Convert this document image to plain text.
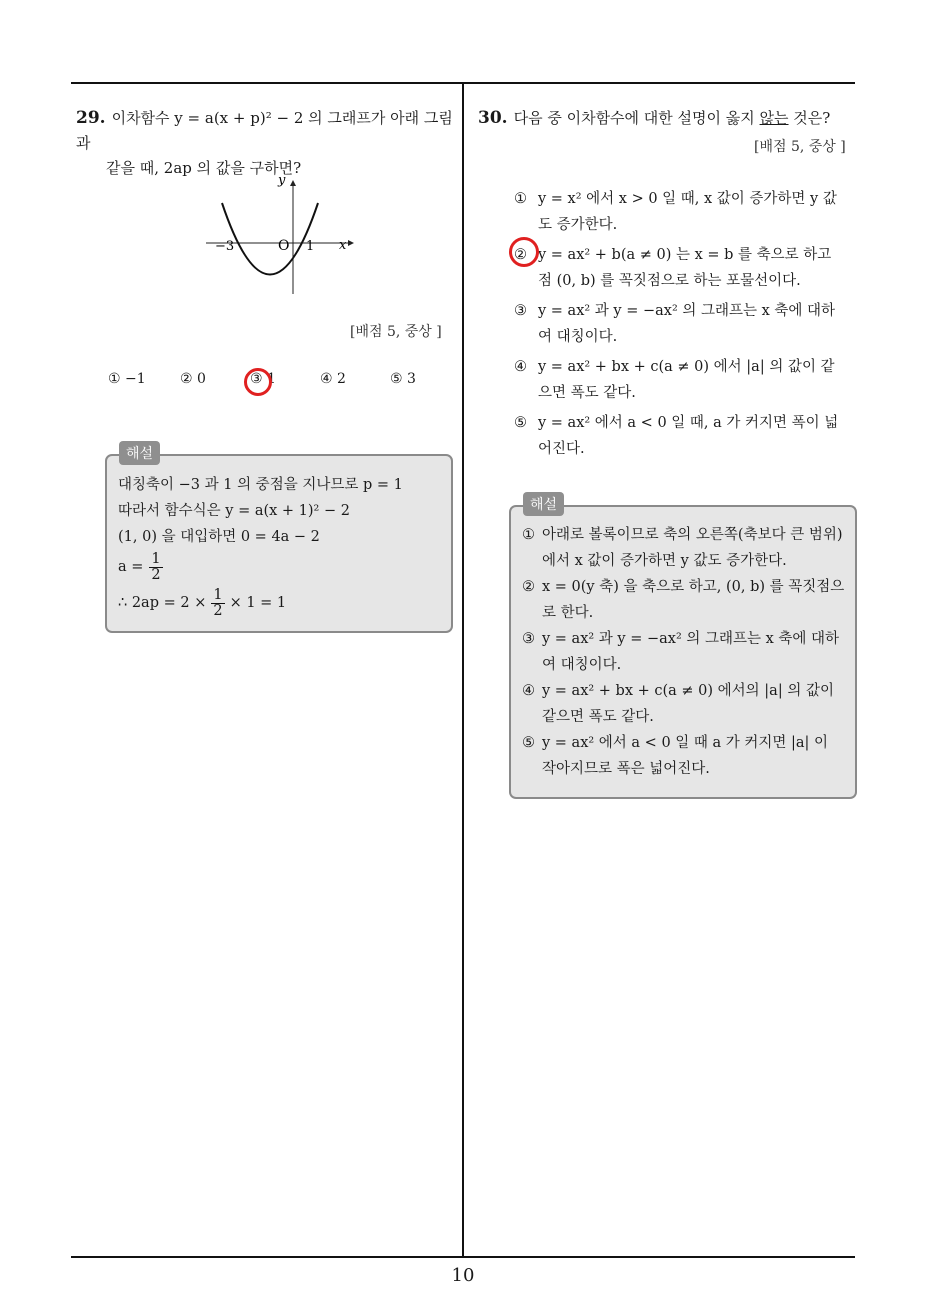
29. 이차함수 y = a(x + p)² − 2 의 그래프가 아래 그림과
같을 때, 2ap 의 값을 구하면?
x
y
O
−3	1
[배점 5, 중상 ]
① −1 ② 0	③ 1	④ 2	⑤ 3
해설
대칭축이 −3 과 1 의 중점을 지나므로 p = 1
따라서 함수식은 y = a(x + 1)² − 2
(1, 0) 을 대입하면 0 = 4a − 2
$a = \frac{1}{2}$
∴ $2ap = 2 \times \frac{1}{2} \times 1 = 1$
30. 다음 중 이차함수에 대한 설명이 옳지 않는 것은?
[배점 5, 중상 ]
① y = x² 에서 x > 0 일 때, x 값이 증가하면 y 값도 증가한다.
② y = ax² + b(a ≠ 0) 는 x = b 를 축으로 하고 점 (0, b) 를 꼭짓점으로 하는 포물선이다.
③ y = ax² 과 y = −ax² 의 그래프는 x 축에 대하여 대칭이다.
④ y = ax² + bx + c(a ≠ 0) 에서 |a| 의 값이 같으면 폭도 같다.
⑤ y = ax² 에서 a < 0 일 때, a 가 커지면 폭이 넓어진다.
해설
① 아래로 볼록이므로 축의 오른쪽(축보다 큰 범위)에서 x 값이 증가하면 y 값도 증가한다.
② x = 0(y 축) 을 축으로 하고, (0, b) 를 꼭짓점으로 한다.
③ y = ax² 과 y = −ax² 의 그래프는 x 축에 대하여 대칭이다.
④ y = ax² + bx + c(a ≠ 0) 에서의 |a| 의 값이 같으면 폭도 같다.
⑤ y = ax² 에서 a < 0 일 때 a 가 커지면 |a| 이 작아지므로 폭은 넓어진다.
10
